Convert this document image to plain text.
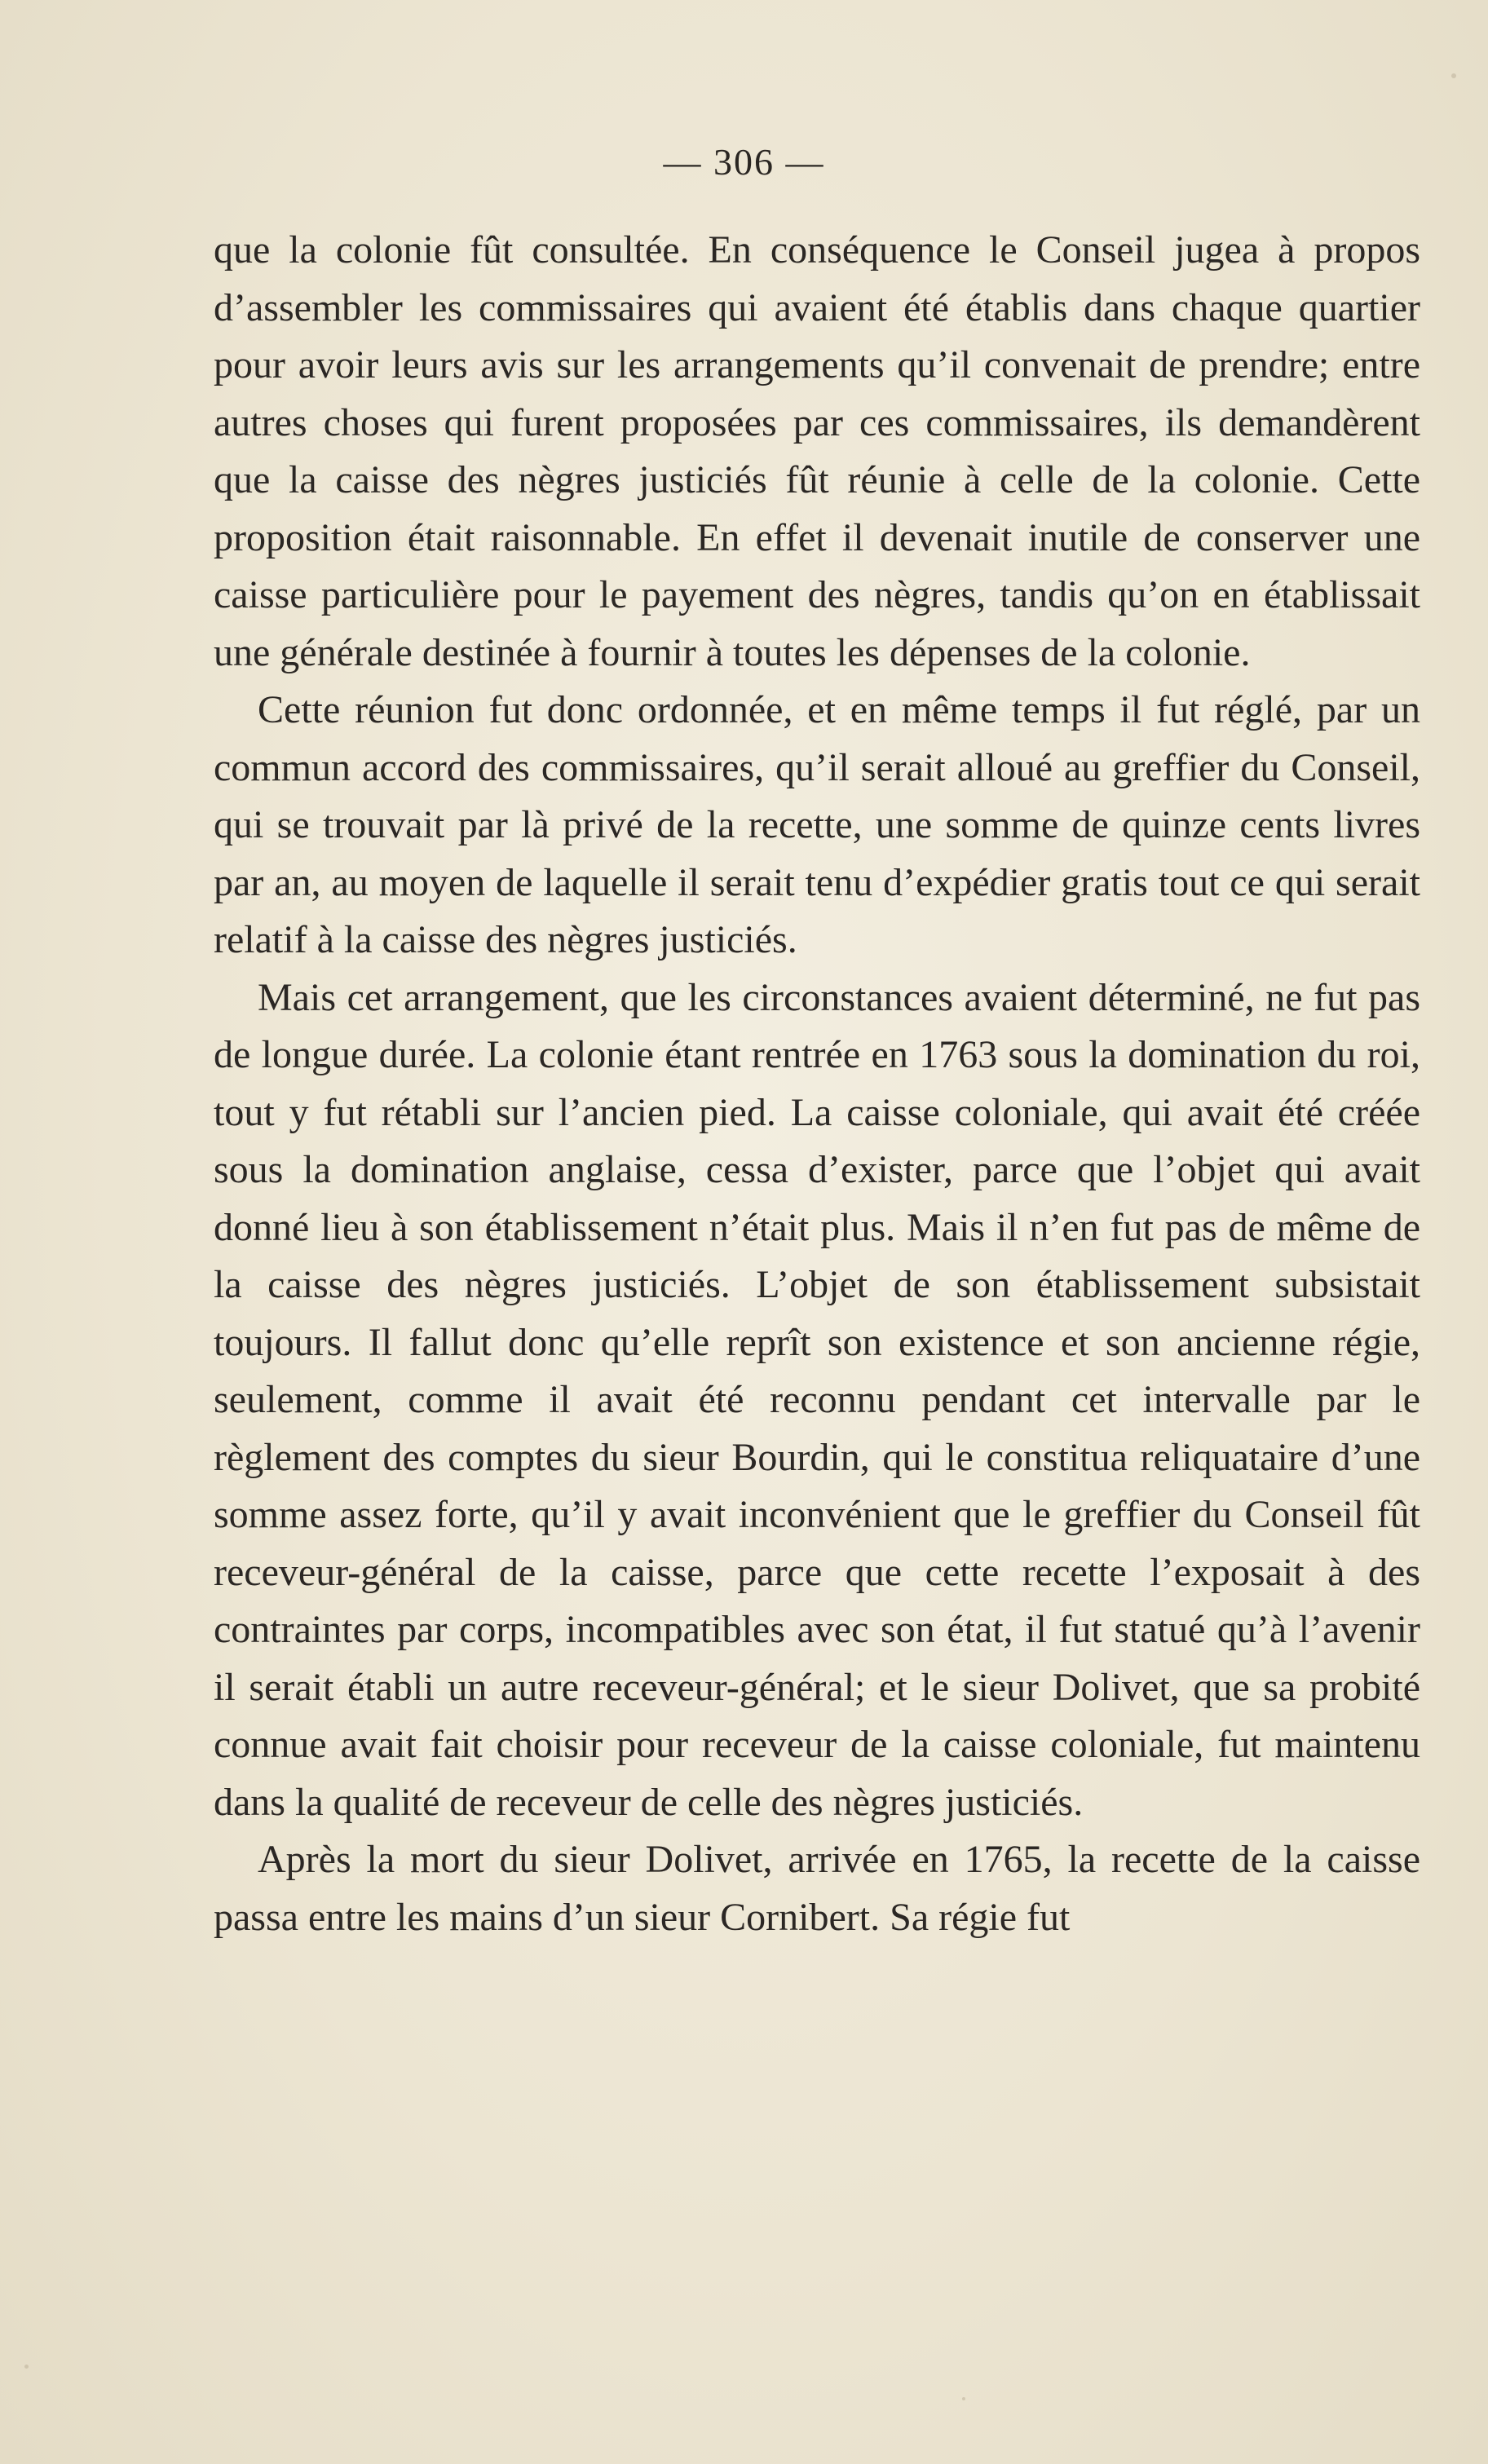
— 306 —

que la colonie fût consultée. En conséquence le Conseil jugea à propos d’assembler les commissaires qui avaient été établis dans chaque quartier pour avoir leurs avis sur les arrangements qu’il convenait de prendre; entre autres choses qui furent proposées par ces commissaires, ils demandèrent que la caisse des nègres justiciés fût réunie à celle de la colonie. Cette proposition était raisonnable. En effet il devenait inutile de conserver une caisse particulière pour le payement des nègres, tandis qu’on en établissait une générale destinée à fournir à toutes les dépenses de la colonie.

Cette réunion fut donc ordonnée, et en même temps il fut réglé, par un commun accord des commissaires, qu’il serait alloué au greffier du Conseil, qui se trouvait par là privé de la recette, une somme de quinze cents livres par an, au moyen de laquelle il serait tenu d’expédier gratis tout ce qui serait relatif à la caisse des nègres justiciés.

Mais cet arrangement, que les circonstances avaient déterminé, ne fut pas de longue durée. La colonie étant rentrée en 1763 sous la domination du roi, tout y fut rétabli sur l’ancien pied. La caisse coloniale, qui avait été créée sous la domination anglaise, cessa d’exister, parce que l’objet qui avait donné lieu à son établissement n’était plus. Mais il n’en fut pas de même de la caisse des nègres justiciés. L’objet de son établissement subsistait toujours. Il fallut donc qu’elle reprît son existence et son ancienne régie, seulement, comme il avait été reconnu pendant cet intervalle par le règlement des comptes du sieur Bourdin, qui le constitua reliquataire d’une somme assez forte, qu’il y avait inconvénient que le greffier du Conseil fût receveur-général de la caisse, parce que cette recette l’exposait à des contraintes par corps, incompatibles avec son état, il fut statué qu’à l’avenir il serait établi un autre receveur-général; et le sieur Dolivet, que sa probité connue avait fait choisir pour receveur de la caisse coloniale, fut maintenu dans la qualité de receveur de celle des nègres justiciés.

Après la mort du sieur Dolivet, arrivée en 1765, la recette de la caisse passa entre les mains d’un sieur Cornibert. Sa régie fut
